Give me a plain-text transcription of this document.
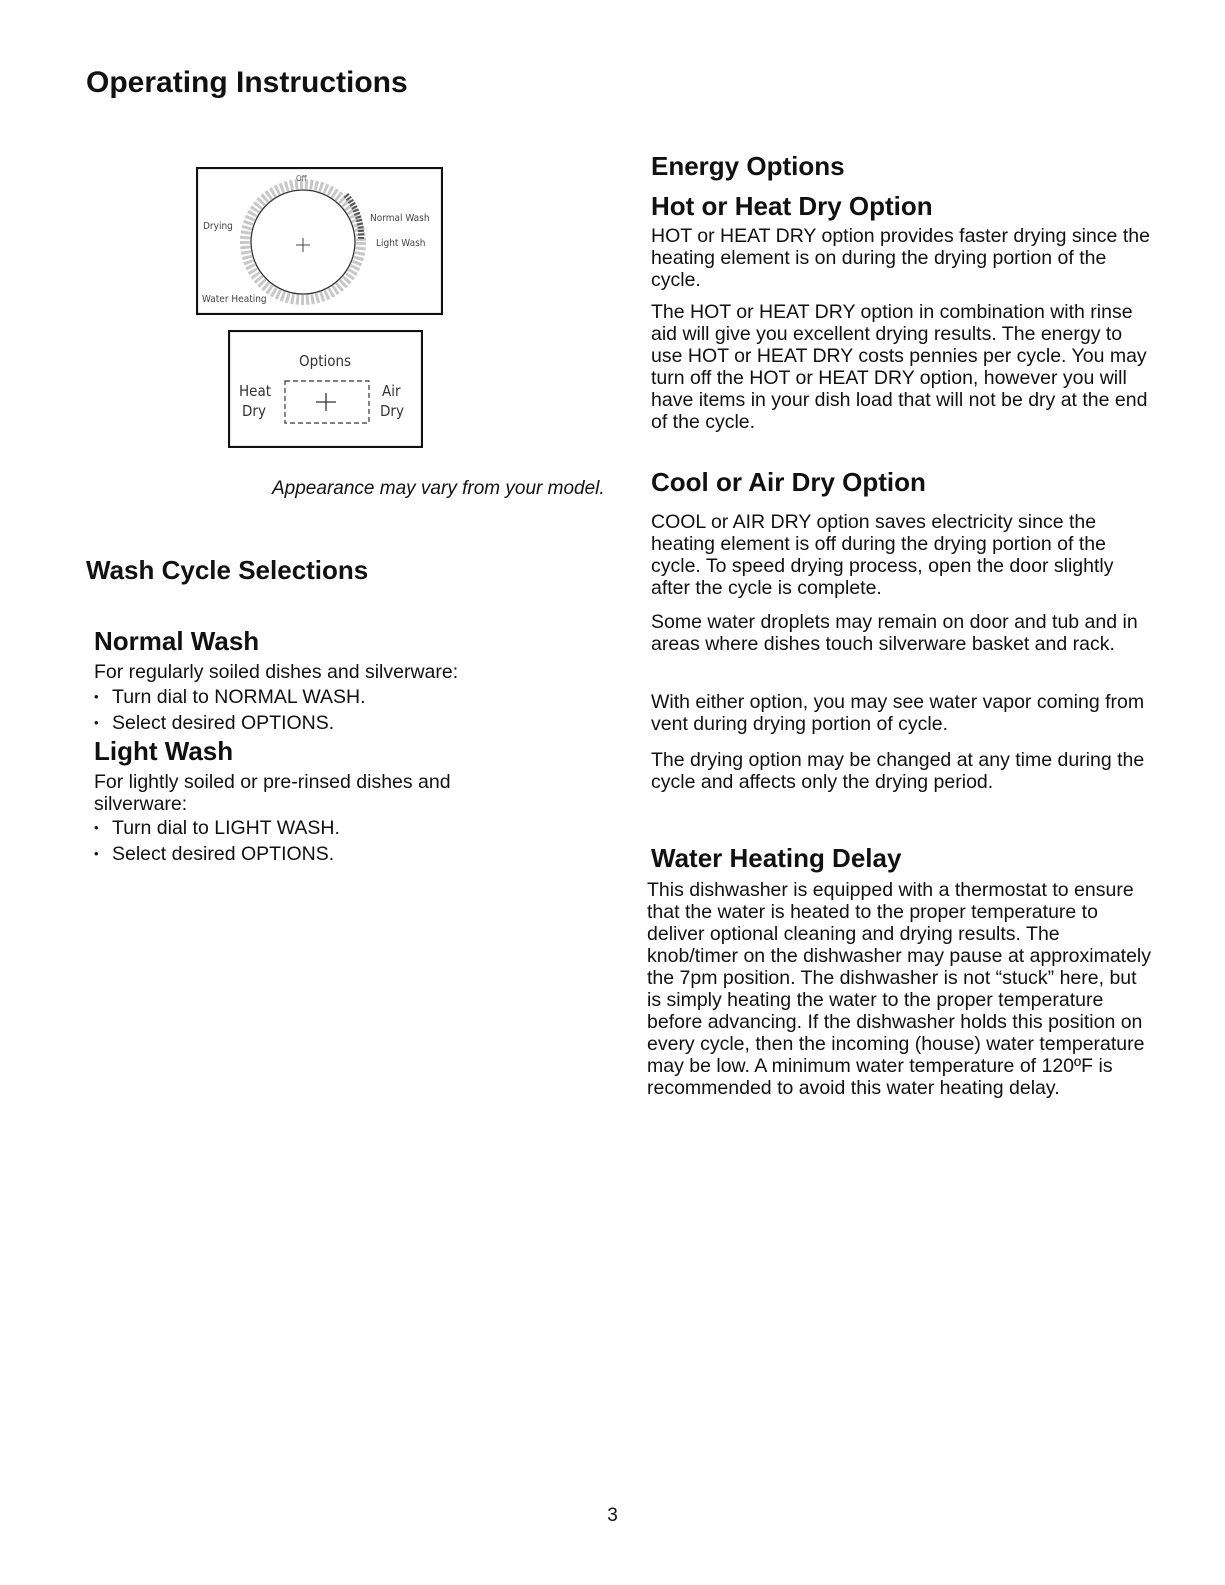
Operating Instructions
Off
Normal Wash
Light Wash
Drying
Water Heating
Options
Heat
Dry
Air
Dry

Appearance may vary from your model.

Wash Cycle Selections
Normal Wash

For regularly soiled dishes and silverware:

• Turn dial to NORMAL WASH.
• Select desired OPTIONS.
Light Wash

For lightly soiled or pre-rinsed dishes and silverware:

• Turn dial to LIGHT WASH.
• Select desired OPTIONS.
Energy Options
Hot or Heat Dry Option

HOT or HEAT DRY option provides faster drying since the heating element is on during the drying portion of the cycle.

The HOT or HEAT DRY option in combination with rinse aid will give you excellent drying results. The energy to use HOT or HEAT DRY costs pennies per cycle. You may turn off the HOT or HEAT DRY option, however you will have items in your dish load that will not be dry at the end of the cycle.

Cool or Air Dry Option

COOL or AIR DRY option saves electricity since the heating element is off during the drying portion of the cycle. To speed drying process, open the door slightly after the cycle is complete.

Some water droplets may remain on door and tub and in areas where dishes touch silverware basket and rack.

With either option, you may see water vapor coming from vent during drying portion of cycle.

The drying option may be changed at any time during the cycle and affects only the drying period.

Water Heating Delay

This dishwasher is equipped with a thermostat to ensure that the water is heated to the proper temperature to deliver optional cleaning and drying results. The knob/timer on the dishwasher may pause at approximately the 7pm position. The dishwasher is not “stuck” here, but is simply heating the water to the proper temperature before advancing. If the dishwasher holds this position on every cycle, then the incoming (house) water temperature may be low. A minimum water temperature of 120ºF is recommended to avoid this water heating delay.

3
